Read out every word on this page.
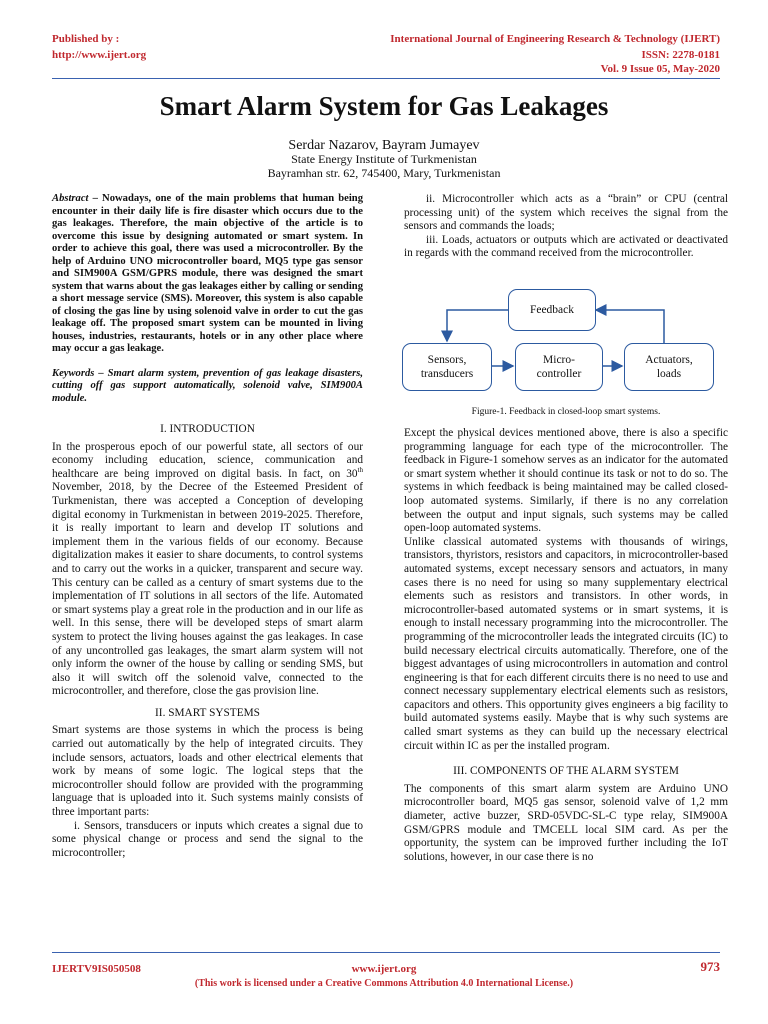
Published by :
http://www.ijert.org
International Journal of Engineering Research & Technology (IJERT)
ISSN: 2278-0181
Vol. 9 Issue 05, May-2020
Smart Alarm System for Gas Leakages
Serdar Nazarov, Bayram Jumayev
State Energy Institute of Turkmenistan
Bayramhan str. 62, 745400, Mary, Turkmenistan

Abstract – Nowadays, one of the main problems that human being encounter in their daily life is fire disaster which occurs due to the gas leakages. Therefore, the main objective of the article is to overcome this issue by designing automated or smart system. In order to achieve this goal, there was used a microcontroller. By the help of Arduino UNO microcontroller board, MQ5 type gas sensor and SIM900A GSM/GPRS module, there was designed the smart system that warns about the gas leakages either by calling or sending a short message service (SMS). Moreover, this system is also capable of closing the gas line by using solenoid valve in order to cut the gas leakage off. The proposed smart system can be mounted in living houses, industries, restaurants, hotels or in any other place where may occur a gas leakage.

Keywords – Smart alarm system, prevention of gas leakage disasters, cutting off gas support automatically, solenoid valve, SIM900A module.

I. INTRODUCTION

In the prosperous epoch of our powerful state, all sectors of our economy including education, science, communication and healthcare are being improved on digital basis. In fact, on 30th November, 2018, by the Decree of the Esteemed President of Turkmenistan, there was accepted a Conception of developing digital economy in Turkmenistan in between 2019-2025. Therefore, it is really important to learn and develop IT solutions and implement them in the various fields of our economy. Because digitalization makes it easier to share documents, to control systems and to carry out the works in a quicker, transparent and secure way. This century can be called as a century of smart systems due to the implementation of IT solutions in all sectors of the life. Automated or smart systems play a great role in the production and in our life as well. In this sense, there will be developed steps of smart alarm system to protect the living houses against the gas leakages. In case of any uncontrolled gas leakages, the smart alarm system will not only inform the owner of the house by calling or sending SMS, but also it will switch off the solenoid valve, connected to the microcontroller, and therefore, close the gas provision line.

II. SMART SYSTEMS

Smart systems are those systems in which the process is being carried out automatically by the help of integrated circuits. They include sensors, actuators, loads and other electrical elements that work by means of some logic. The logical steps that the microcontroller should follow are provided with the programming language that is uploaded into it. Such systems mainly consists of three important parts:

i. Sensors, transducers or inputs which creates a signal due to some physical change or process and send the signal to the microcontroller;

ii. Microcontroller which acts as a “brain” or CPU (central processing unit) of the system which receives the signal from the sensors and commands the loads;

iii. Loads, actuators or outputs which are activated or deactivated in regards with the command received from the microcontroller.

Feedback
Sensors,
transducers
Micro-
controller
Actuators,
loads
Figure-1. Feedback in closed-loop smart systems.

Except the physical devices mentioned above, there is also a specific programming language for each type of the microcontroller. The feedback in Figure-1 somehow serves as an indicator for the automated or smart system whether it should continue its task or not to do so. The systems in which feedback is being maintained may be called closed-loop automated systems. Similarly, if there is no any correlation between the output and input signals, such systems may be called open-loop automated systems.

Unlike classical automated systems with thousands of wirings, transistors, thyristors, resistors and capacitors, in microcontroller-based automated systems, except necessary sensors and actuators, in many cases there is no need for using so many supplementary electrical elements such as resistors and transistors. In other words, in microcontroller-based automated systems or in smart systems, it is enough to install necessary programming into the microcontroller. The programming of the microcontroller leads the integrated circuits (IC) to build necessary electrical circuits automatically. Therefore, one of the biggest advantages of using microcontrollers in automation and control engineering is that for each different circuits there is no need to use and connect necessary supplementary electrical elements such as resistors, capacitors and others. This opportunity gives engineers a big facility to build automated systems easily. Maybe that is why such systems are called smart systems as they can build up the necessary electrical circuit within IC as per the installed program.

III. COMPONENTS OF THE ALARM SYSTEM

The components of this smart alarm system are Arduino UNO microcontroller board, MQ5 gas sensor, solenoid valve of 1,2 mm diameter, active buzzer, SRD-05VDC-SL-C type relay, SIM900A GSM/GPRS module and TMCELL local SIM card. As per the opportunity, the system can be improved further including the IoT solutions, however, in our case there is no

IJERTV9IS050508	www.ijert.org	973
(This work is licensed under a Creative Commons Attribution 4.0 International License.)
